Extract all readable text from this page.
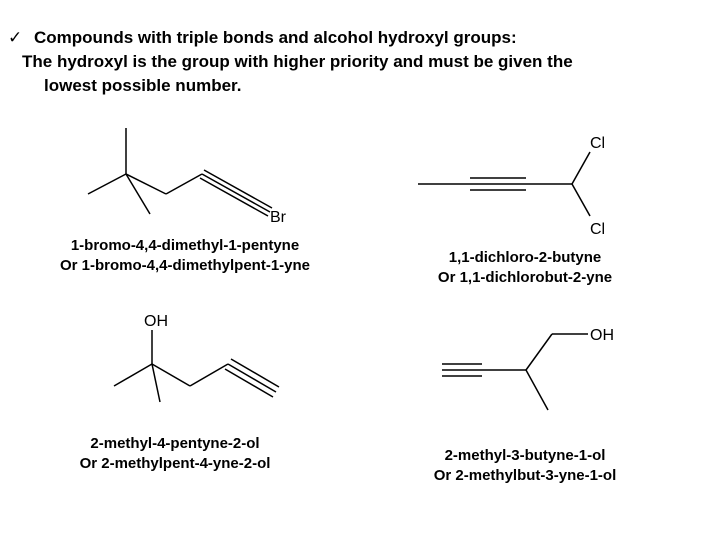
✓ Compounds with triple bonds and alcohol hydroxyl groups:
The hydroxyl is the group with higher priority and must be given the
lowest possible number.
Br
1-bromo-4,4-dimethyl-1-pentyne
Or 1-bromo-4,4-dimethylpent-1-yne
Cl
Cl
1,1-dichloro-2-butyne
Or 1,1-dichlorobut-2-yne
OH
2-methyl-4-pentyne-2-ol
Or 2-methylpent-4-yne-2-ol
OH
2-methyl-3-butyne-1-ol
Or 2-methylbut-3-yne-1-ol
